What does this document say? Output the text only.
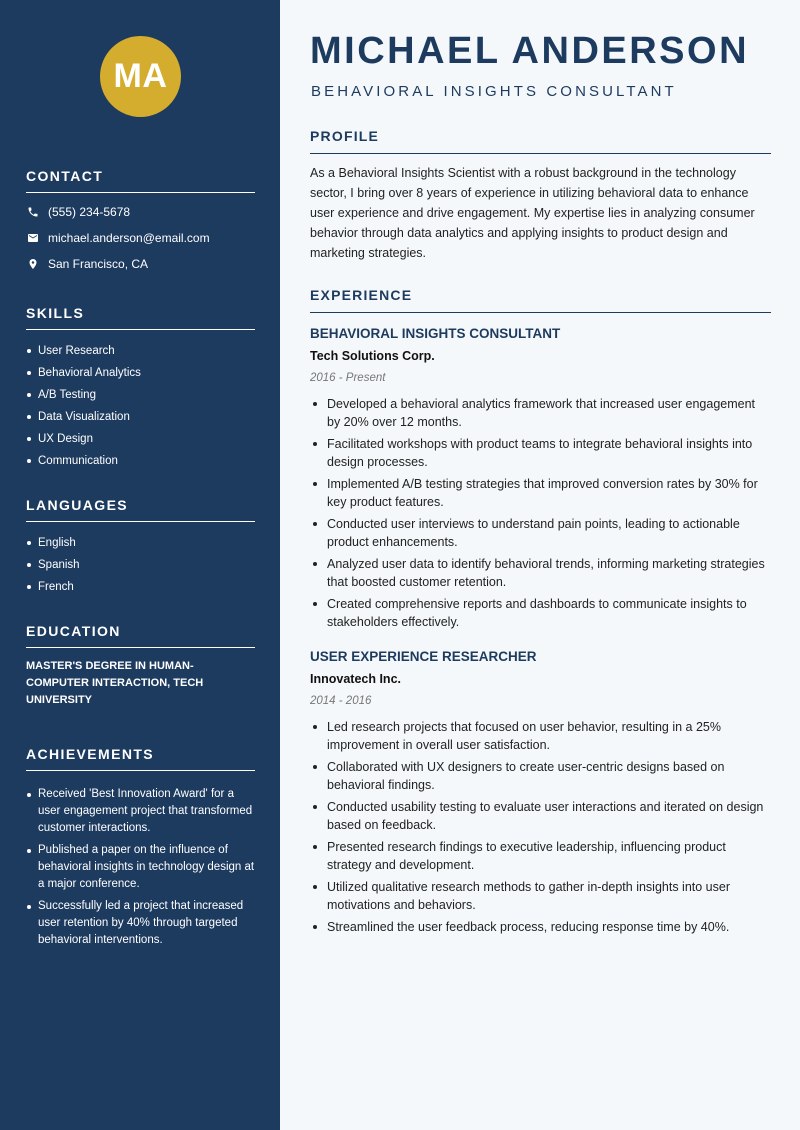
MA
CONTACT
(555) 234-5678
michael.anderson@email.com
San Francisco, CA
SKILLS
User Research
Behavioral Analytics
A/B Testing
Data Visualization
UX Design
Communication
LANGUAGES
English
Spanish
French
EDUCATION
MASTER'S DEGREE IN HUMAN-COMPUTER INTERACTION, TECH UNIVERSITY
ACHIEVEMENTS
Received 'Best Innovation Award' for a user engagement project that transformed customer interactions.
Published a paper on the influence of behavioral insights in technology design at a major conference.
Successfully led a project that increased user retention by 40% through targeted behavioral interventions.
MICHAEL ANDERSON
BEHAVIORAL INSIGHTS CONSULTANT
PROFILE
As a Behavioral Insights Scientist with a robust background in the technology sector, I bring over 8 years of experience in utilizing behavioral data to enhance user experience and drive engagement. My expertise lies in analyzing consumer behavior through data analytics and applying insights to product design and marketing strategies.
EXPERIENCE
BEHAVIORAL INSIGHTS CONSULTANT
Tech Solutions Corp.
2016 - Present
Developed a behavioral analytics framework that increased user engagement by 20% over 12 months.
Facilitated workshops with product teams to integrate behavioral insights into design processes.
Implemented A/B testing strategies that improved conversion rates by 30% for key product features.
Conducted user interviews to understand pain points, leading to actionable product enhancements.
Analyzed user data to identify behavioral trends, informing marketing strategies that boosted customer retention.
Created comprehensive reports and dashboards to communicate insights to stakeholders effectively.
USER EXPERIENCE RESEARCHER
Innovatech Inc.
2014 - 2016
Led research projects that focused on user behavior, resulting in a 25% improvement in overall user satisfaction.
Collaborated with UX designers to create user-centric designs based on behavioral findings.
Conducted usability testing to evaluate user interactions and iterated on design based on feedback.
Presented research findings to executive leadership, influencing product strategy and development.
Utilized qualitative research methods to gather in-depth insights into user motivations and behaviors.
Streamlined the user feedback process, reducing response time by 40%.
